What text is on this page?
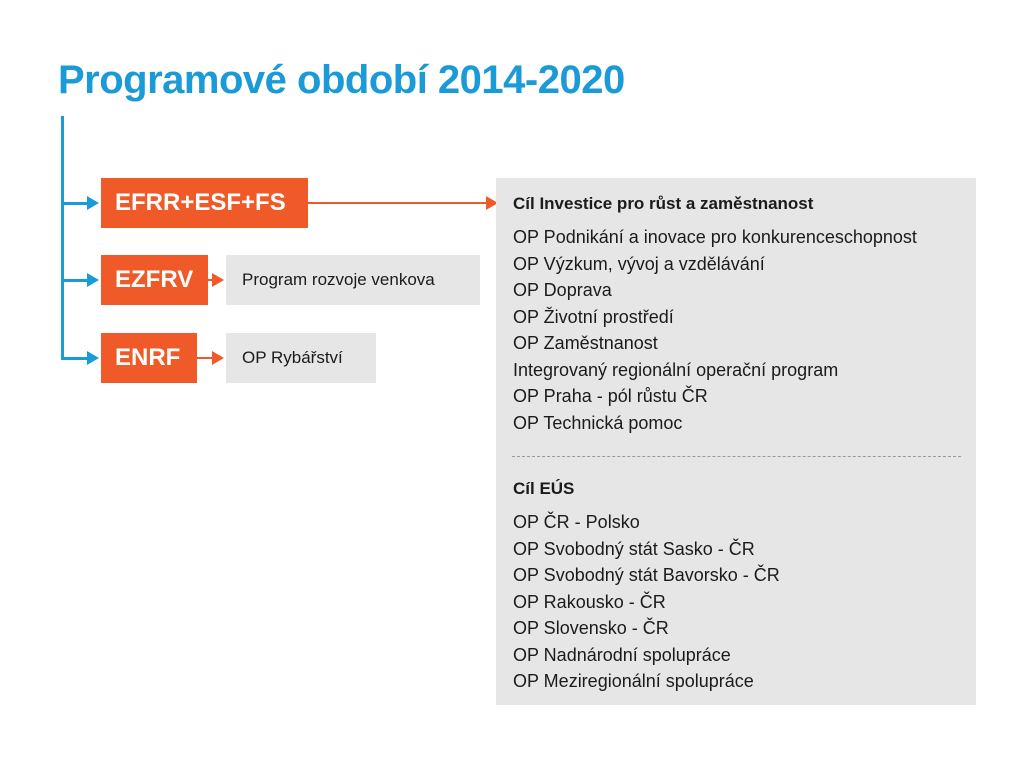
Programové období 2014-2020
EFRR+ESF+FS
EZFRV
ENRF
Program rozvoje venkova
OP Rybářství
Cíl Investice pro růst a zaměstnanost
OP Podnikání a inovace pro konkurenceschopnost
OP Výzkum, vývoj a vzdělávání
OP Doprava
OP Životní prostředí
OP Zaměstnanost
Integrovaný regionální operační program
OP Praha - pól růstu ČR
OP Technická pomoc
Cíl EÚS
OP ČR - Polsko
OP Svobodný stát Sasko - ČR
OP Svobodný stát Bavorsko - ČR
OP Rakousko - ČR
OP Slovensko - ČR
OP Nadnárodní spolupráce
OP Meziregionální spolupráce
